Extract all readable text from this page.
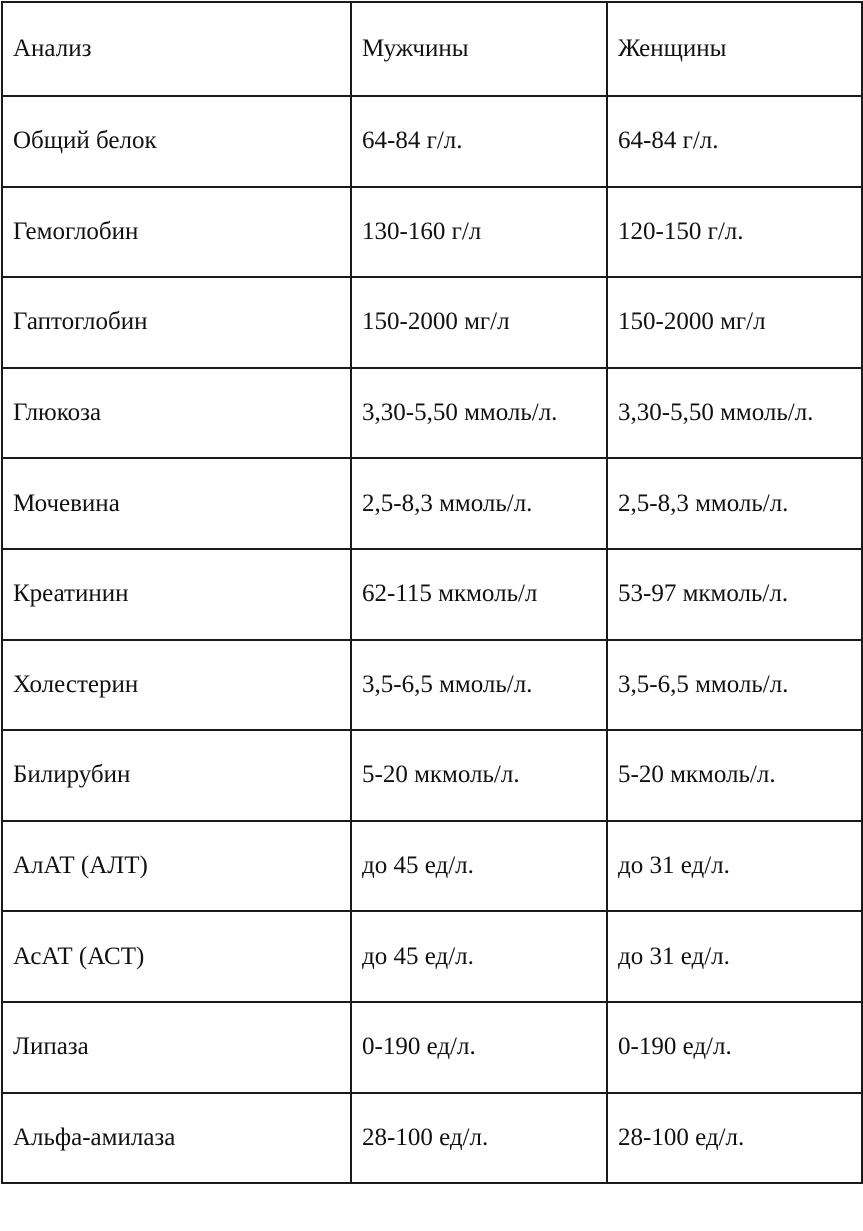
Анализ	Мужчины	Женщины
Общий белок	64-84 г/л.	64-84 г/л.
Гемоглобин	130-160 г/л	120-150 г/л.
Гаптоглобин	150-2000 мг/л	150-2000 мг/л
Глюкоза	3,30-5,50 ммоль/л.	3,30-5,50 ммоль/л.
Мочевина	2,5-8,3 ммоль/л.	2,5-8,3 ммоль/л.
Креатинин	62-115 мкмоль/л	53-97 мкмоль/л.
Холестерин	3,5-6,5 ммоль/л.	3,5-6,5 ммоль/л.
Билирубин	5-20 мкмоль/л.	5-20 мкмоль/л.
АлАТ (АЛТ)	до 45 ед/л.	до 31 ед/л.
АсАТ (АСТ)	до 45 ед/л.	до 31 ед/л.
Липаза	0-190 ед/л.	0-190 ед/л.
Альфа-амилаза	28-100 ед/л.	28-100 ед/л.
